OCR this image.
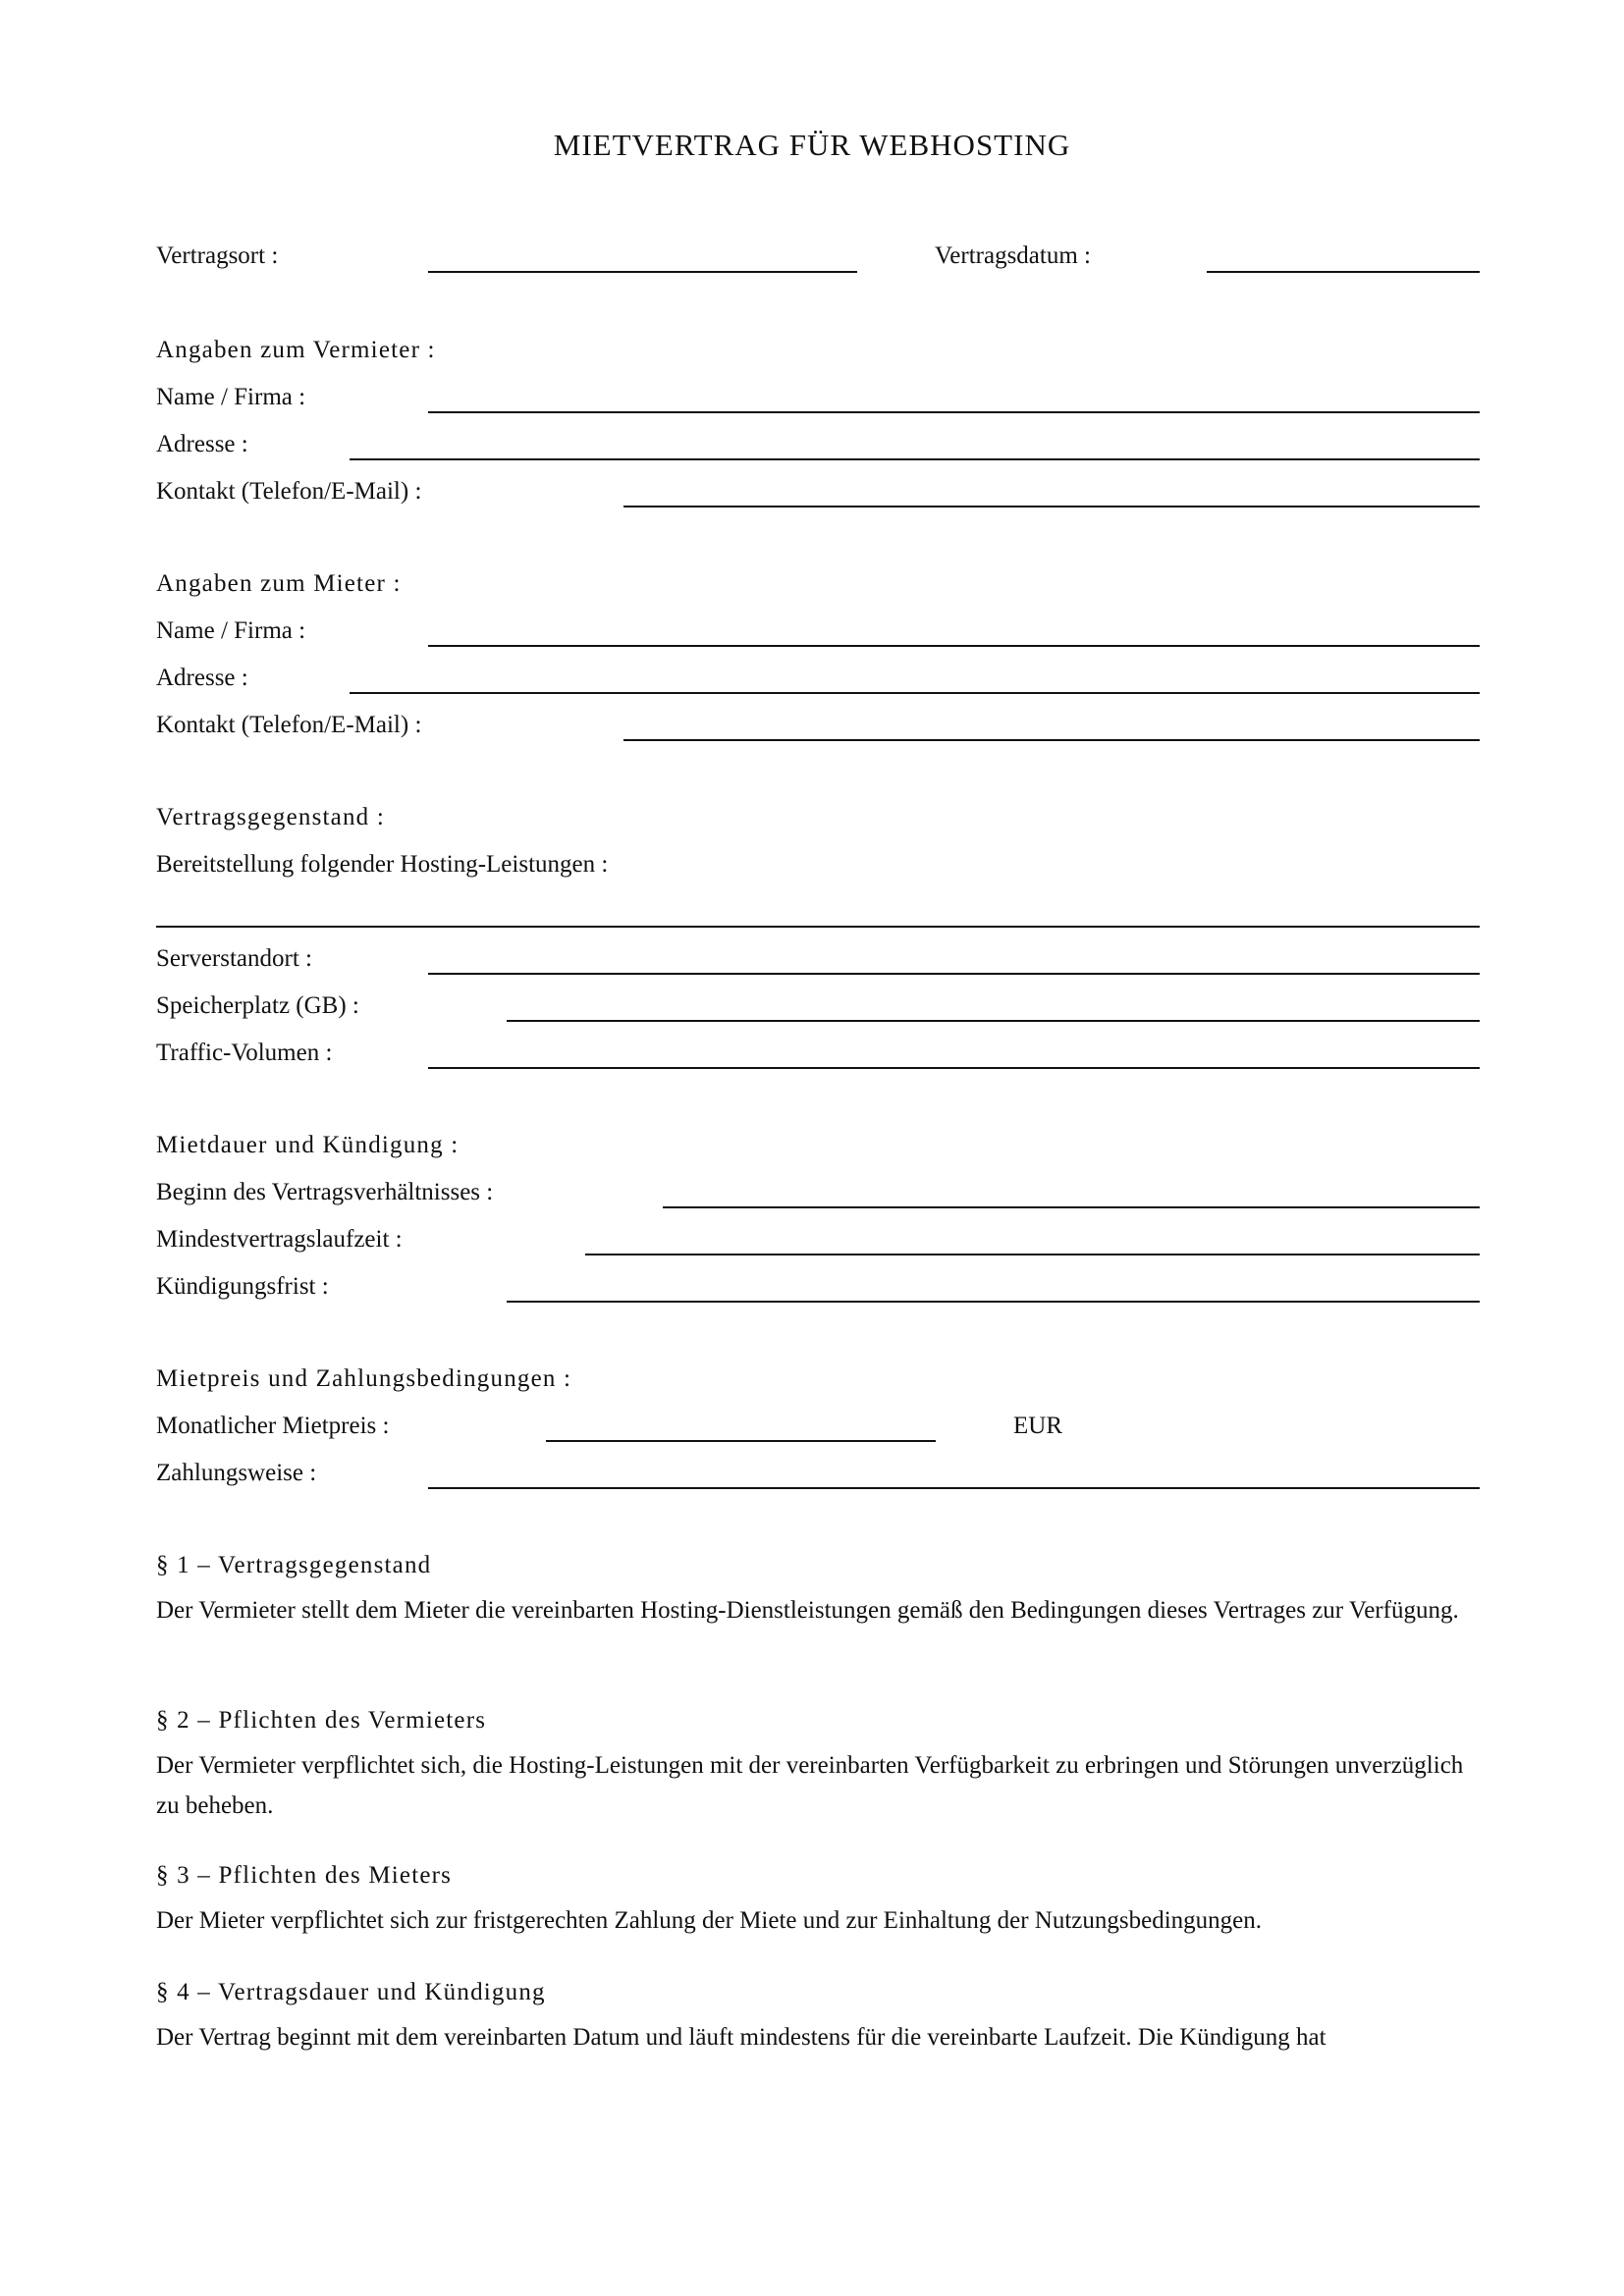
MIETVERTRAG FÜR WEBHOSTING
Vertragsort :	Vertragsdatum :
Angaben zum Vermieter :
Name / Firma :
Adresse :
Kontakt (Telefon/E-Mail) :
Angaben zum Mieter :
Name / Firma :
Adresse :
Kontakt (Telefon/E-Mail) :
Vertragsgegenstand :
Bereitstellung folgender Hosting-Leistungen :
Serverstandort :
Speicherplatz (GB) :
Traffic-Volumen :
Mietdauer und Kündigung :
Beginn des Vertragsverhältnisses :
Mindestvertragslaufzeit :
Kündigungsfrist :
Mietpreis und Zahlungsbedingungen :
Monatlicher Mietpreis :	EUR
Zahlungsweise :
§ 1 – Vertragsgegenstand
Der Vermieter stellt dem Mieter die vereinbarten Hosting-Dienstleistungen gemäß den Bedingungen dieses Vertrages zur Verfügung.
§ 2 – Pflichten des Vermieters
Der Vermieter verpflichtet sich, die Hosting-Leistungen mit der vereinbarten Verfügbarkeit zu erbringen und Störungen unverzüglich zu beheben.
§ 3 – Pflichten des Mieters
Der Mieter verpflichtet sich zur fristgerechten Zahlung der Miete und zur Einhaltung der Nutzungsbedingungen.
§ 4 – Vertragsdauer und Kündigung
Der Vertrag beginnt mit dem vereinbarten Datum und läuft mindestens für die vereinbarte Laufzeit. Die Kündigung hat
